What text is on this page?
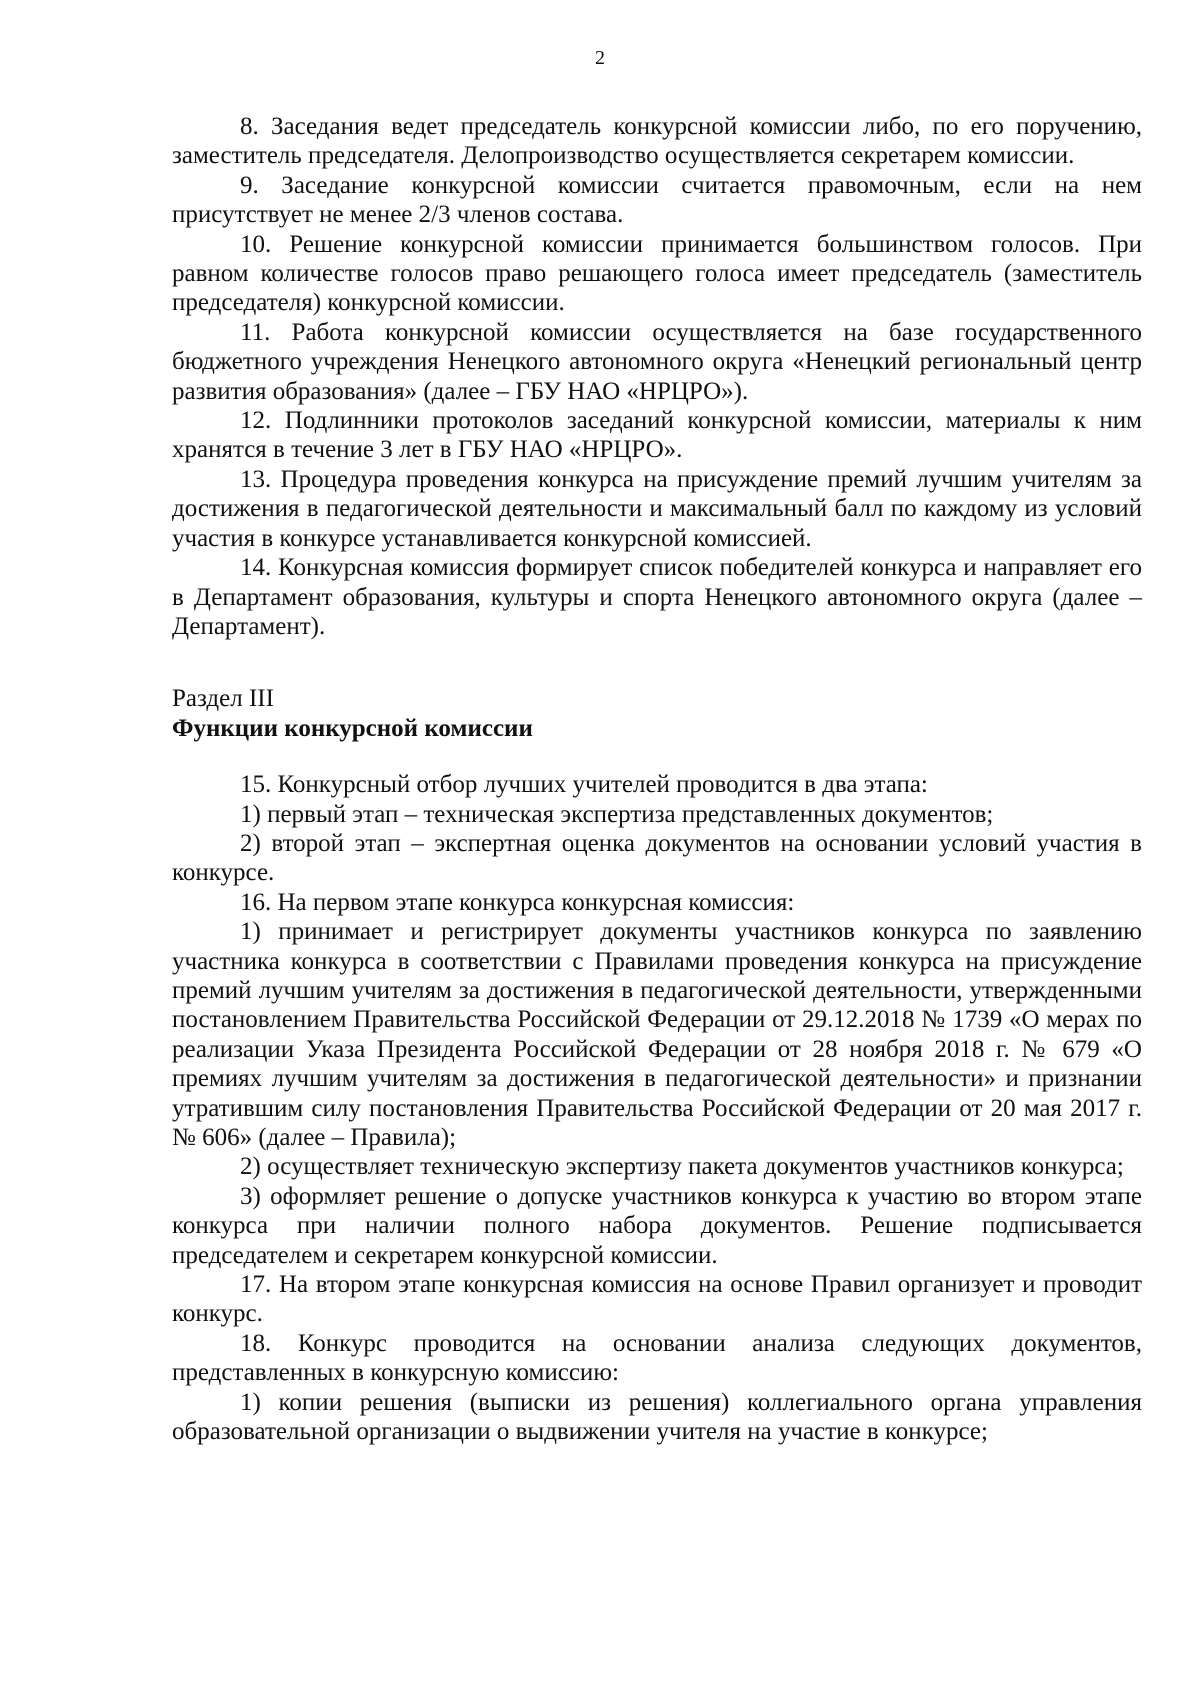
2

8. Заседания ведет председатель конкурсной комиссии либо, по его поручению, заместитель председателя. Делопроизводство осуществляется секретарем комиссии.

9. Заседание конкурсной комиссии считается правомочным, если на нем присутствует не менее 2/3 членов состава.

10. Решение конкурсной комиссии принимается большинством голосов. При равном количестве голосов право решающего голоса имеет председатель (заместитель председателя) конкурсной комиссии.

11. Работа конкурсной комиссии осуществляется на базе государственного бюджетного учреждения Ненецкого автономного округа «Ненецкий региональный центр развития образования» (далее – ГБУ НАО «НРЦРО»).

12. Подлинники протоколов заседаний конкурсной комиссии, материалы к ним хранятся в течение 3 лет в ГБУ НАО «НРЦРО».

13. Процедура проведения конкурса на присуждение премий лучшим учителям за достижения в педагогической деятельности и максимальный балл по каждому из условий участия в конкурсе устанавливается конкурсной комиссией.

14. Конкурсная комиссия формирует список победителей конкурса и направляет его в Департамент образования, культуры и спорта Ненецкого автономного округа (далее – Департамент).

Раздел III

Функции конкурсной комиссии

15. Конкурсный отбор лучших учителей проводится в два этапа:

1) первый этап – техническая экспертиза представленных документов;

2) второй этап – экспертная оценка документов на основании условий участия в конкурсе.

16. На первом этапе конкурса конкурсная комиссия:

1) принимает и регистрирует документы участников конкурса по заявлению участника конкурса в соответствии с Правилами проведения конкурса на присуждение премий лучшим учителям за достижения в педагогической деятельности, утвержденными постановлением Правительства Российской Федерации от 29.12.2018 № 1739 «О мерах по реализации Указа Президента Российской Федерации от 28 ноября 2018 г. № 679 «О премиях лучшим учителям за достижения в педагогической деятельности» и признании утратившим силу постановления Правительства Российской Федерации от 20 мая 2017 г. № 606» (далее – Правила);

2) осуществляет техническую экспертизу пакета документов участников конкурса;

3) оформляет решение о допуске участников конкурса к участию во втором этапе конкурса при наличии полного набора документов. Решение подписывается председателем и секретарем конкурсной комиссии.

17. На втором этапе конкурсная комиссия на основе Правил организует и проводит конкурс.

18. Конкурс проводится на основании анализа следующих документов, представленных в конкурсную комиссию:

1) копии решения (выписки из решения) коллегиального органа управления образовательной организации о выдвижении учителя на участие в конкурсе;
